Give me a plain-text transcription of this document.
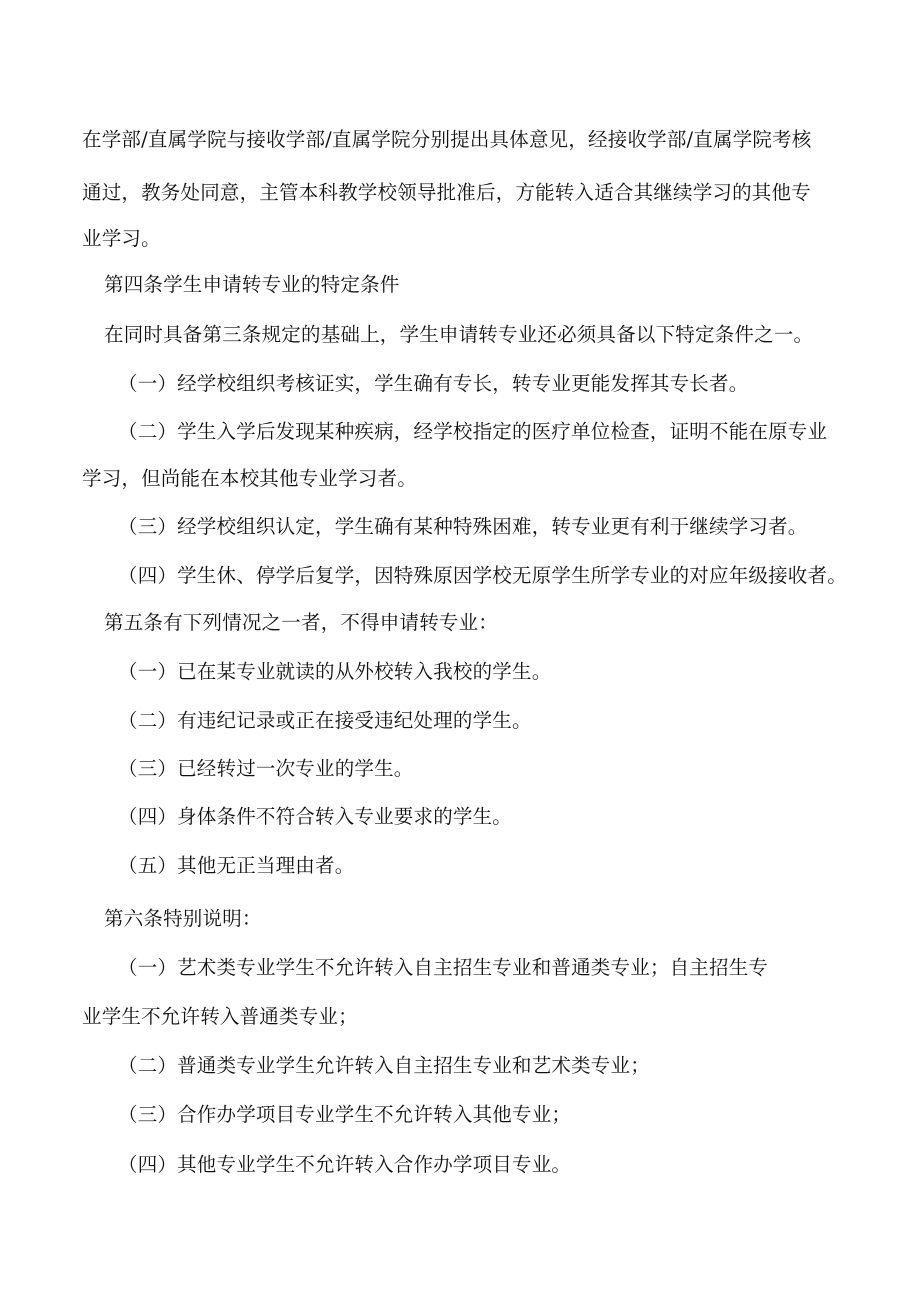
在学部/直属学院与接收学部/直属学院分别提出具体意见，经接收学部/直属学院考核
通过，教务处同意，主管本科教学校领导批准后，方能转入适合其继续学习的其他专
业学习。
第四条学生申请转专业的特定条件
在同时具备第三条规定的基础上，学生申请转专业还必须具备以下特定条件之一。
（一）经学校组织考核证实，学生确有专长，转专业更能发挥其专长者。
（二）学生入学后发现某种疾病，经学校指定的医疗单位检查，证明不能在原专业
学习，但尚能在本校其他专业学习者。
（三）经学校组织认定，学生确有某种特殊困难，转专业更有利于继续学习者。
（四）学生休、停学后复学，因特殊原因学校无原学生所学专业的对应年级接收者。
第五条有下列情况之一者，不得申请转专业：
（一）已在某专业就读的从外校转入我校的学生。
（二）有违纪记录或正在接受违纪处理的学生。
（三）已经转过一次专业的学生。
（四）身体条件不符合转入专业要求的学生。
（五）其他无正当理由者。
第六条特别说明：
（一）艺术类专业学生不允许转入自主招生专业和普通类专业；自主招生专
业学生不允许转入普通类专业；
（二）普通类专业学生允许转入自主招生专业和艺术类专业；
（三）合作办学项目专业学生不允许转入其他专业；
（四）其他专业学生不允许转入合作办学项目专业。
